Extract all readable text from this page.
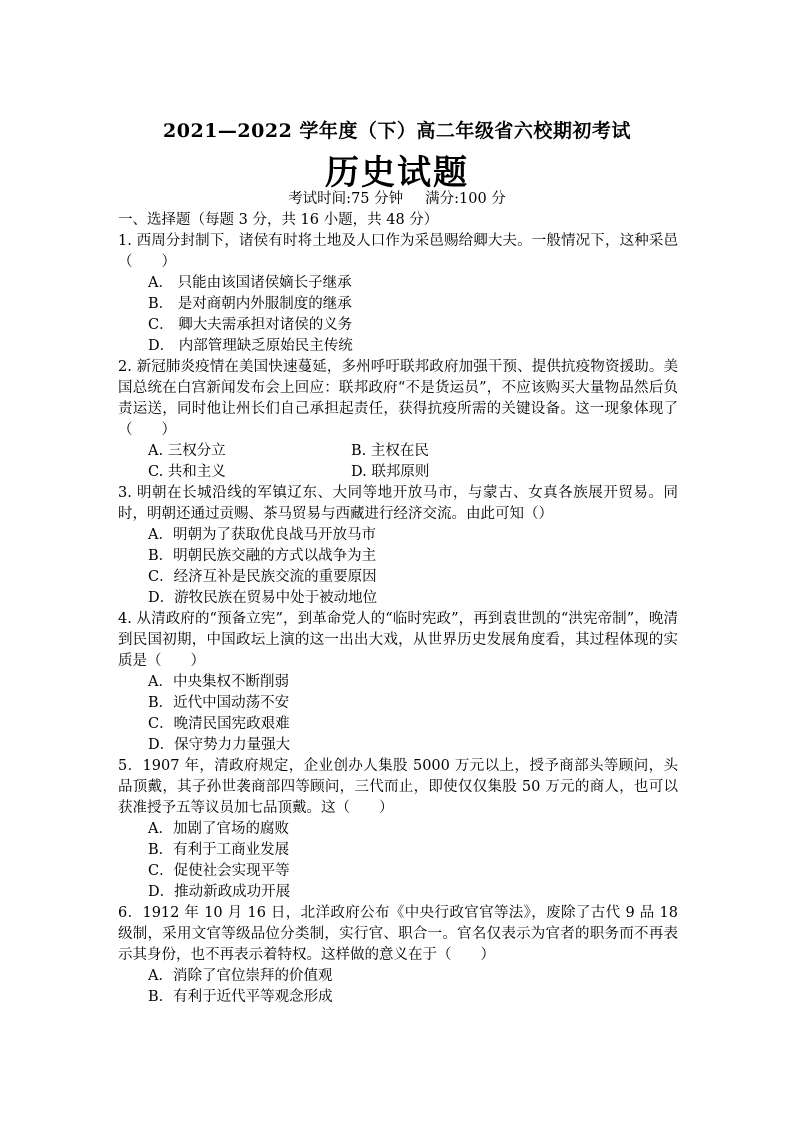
2021—2022 学年度（下）高二年级省六校期初考试
历史试题
考试时间:75 分钟 满分:100 分

一、选择题（每题 3 分，共 16 小题，共 48 分）

1. 西周分封制下，诸侯有时将土地及人口作为采邑赐给卿大夫。一般情况下，这种采邑（　　）

A． 只能由该国诸侯嫡长子继承

B． 是对商朝内外服制度的继承

C． 卿大夫需承担对诸侯的义务

D． 内部管理缺乏原始民主传统

2. 新冠肺炎疫情在美国快速蔓延，多州呼吁联邦政府加强干预、提供抗疫物资援助。美国总统在白宫新闻发布会上回应：联邦政府“不是货运员”，不应该购买大量物品然后负责运送，同时他让州长们自己承担起责任，获得抗疫所需的关键设备。这一现象体现了（　　）

A. 三权分立	B. 主权在民
C. 共和主义	D. 联邦原则

3. 明朝在长城沿线的军镇辽东、大同等地开放马市，与蒙古、女真各族展开贸易。同时，明朝还通过贡赐、茶马贸易与西藏进行经济交流。由此可知（）

A．明朝为了获取优良战马开放马市

B．明朝民族交融的方式以战争为主

C．经济互补是民族交流的重要原因

D．游牧民族在贸易中处于被动地位

4. 从清政府的“预备立宪”，到革命党人的“临时宪政”，再到袁世凯的“洪宪帝制”，晚清到民国初期，中国政坛上演的这一出出大戏，从世界历史发展角度看，其过程体现的实质是（　　）

A．中央集权不断削弱

B．近代中国动荡不安

C．晚清民国宪政艰难

D．保守势力力量强大

5．1907 年，清政府规定，企业创办人集股 5000 万元以上，授予商部头等顾问，头品顶戴，其子孙世袭商部四等顾问，三代而止，即使仅仅集股 50 万元的商人，也可以获准授予五等议员加七品顶戴。这（　　）

A．加剧了官场的腐败

B．有利于工商业发展

C．促使社会实现平等

D．推动新政成功开展

6．1912 年 10 月 16 日，北洋政府公布《中央行政官官等法》，废除了古代 9 品 18 级制，采用文官等级品位分类制，实行官、职合一。官名仅表示为官者的职务而不再表示其身份，也不再表示着特权。这样做的意义在于（　　）

A．消除了官位崇拜的价值观

B．有利于近代平等观念形成
